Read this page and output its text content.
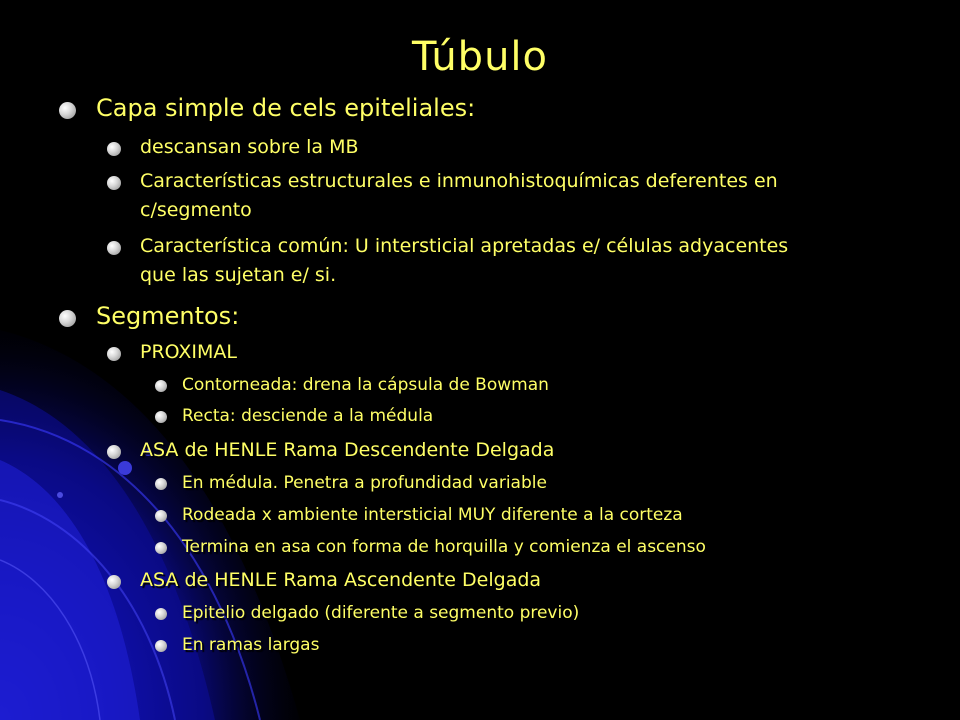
Túbulo
Capa simple de cels epiteliales:
descansan sobre la MB
Características estructurales e inmunohistoquímicas deferentes en
c/segmento
Característica común: U intersticial apretadas e/ células adyacentes
que las sujetan e/ si.
Segmentos:
PROXIMAL
Contorneada: drena la cápsula de Bowman
Recta: desciende a la médula
ASA de HENLE Rama Descendente Delgada
En médula. Penetra a profundidad variable
Rodeada x ambiente intersticial MUY diferente a la corteza
Termina en asa con forma de horquilla y comienza el ascenso
ASA de HENLE Rama Ascendente Delgada
Epitelio delgado (diferente a segmento previo)
En ramas largas
